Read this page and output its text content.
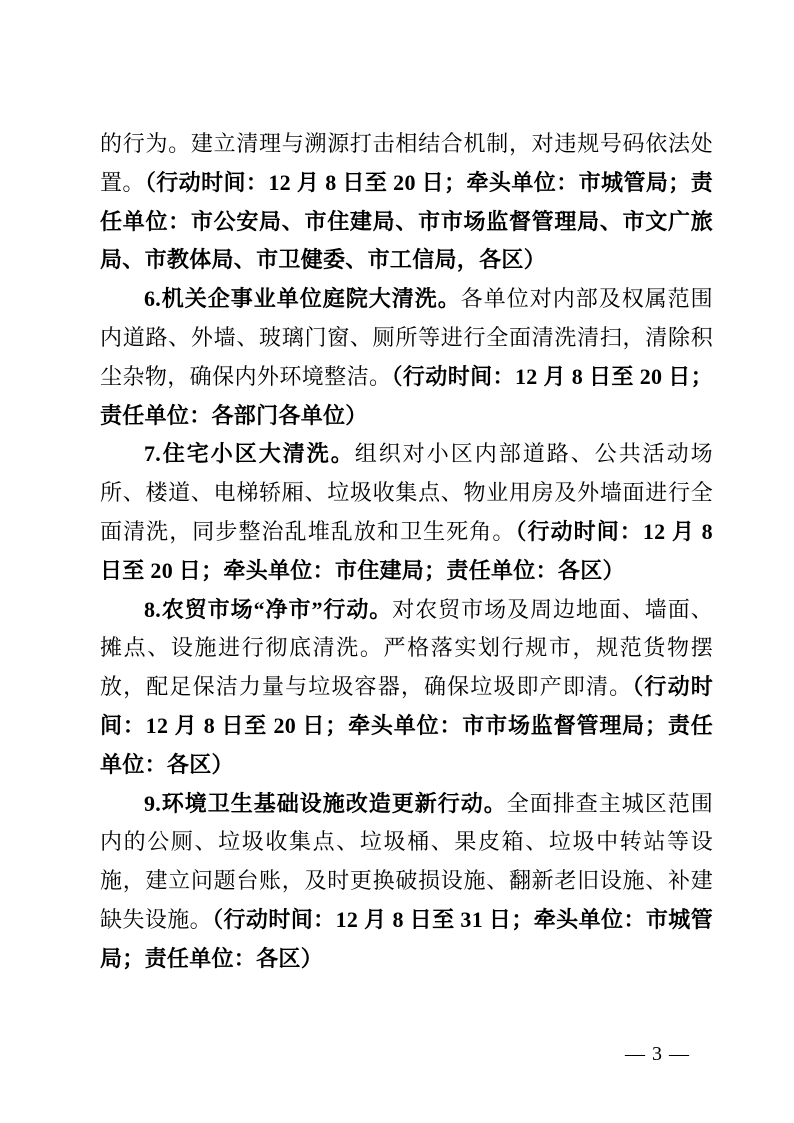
的行为。建立清理与溯源打击相结合机制，对违规号码依法处置。（行动时间：12 月 8 日至 20 日；牵头单位：市城管局；责任单位：市公安局、市住建局、市市场监督管理局、市文广旅局、市教体局、市卫健委、市工信局，各区）

6.机关企事业单位庭院大清洗。各单位对内部及权属范围内道路、外墙、玻璃门窗、厕所等进行全面清洗清扫，清除积尘杂物，确保内外环境整洁。（行动时间：12 月 8 日至 20 日；责任单位：各部门各单位）

7.住宅小区大清洗。组织对小区内部道路、公共活动场所、楼道、电梯轿厢、垃圾收集点、物业用房及外墙面进行全面清洗，同步整治乱堆乱放和卫生死角。（行动时间：12 月 8 日至 20 日；牵头单位：市住建局；责任单位：各区）

8.农贸市场“净市”行动。对农贸市场及周边地面、墙面、摊点、设施进行彻底清洗。严格落实划行规市，规范货物摆放，配足保洁力量与垃圾容器，确保垃圾即产即清。（行动时间：12 月 8 日至 20 日；牵头单位：市市场监督管理局；责任单位：各区）

9.环境卫生基础设施改造更新行动。全面排查主城区范围内的公厕、垃圾收集点、垃圾桶、果皮箱、垃圾中转站等设施，建立问题台账，及时更换破损设施、翻新老旧设施、补建缺失设施。（行动时间：12 月 8 日至 31 日；牵头单位：市城管局；责任单位：各区）

— 3 —
